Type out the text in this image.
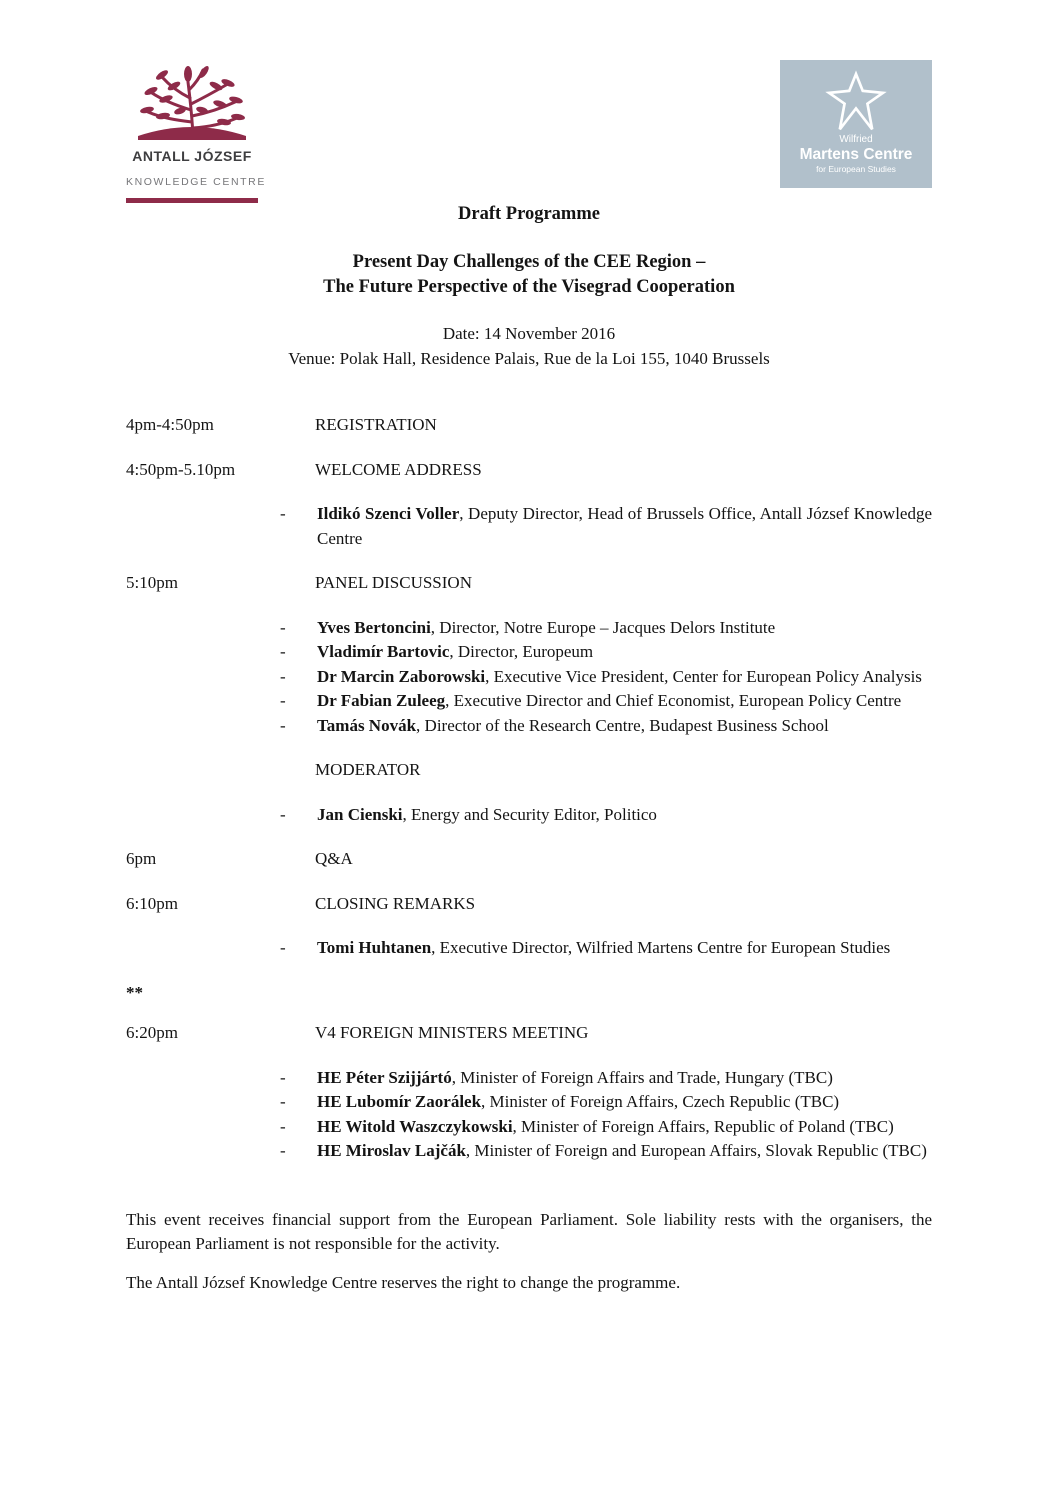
ANTALL JÓZSEF
KNOWLEDGE CENTRE
Wilfried
Martens Centre
for European Studies
Draft Programme
Present Day Challenges of the CEE Region –
The Future Perspective of the Visegrad Cooperation
Date: 14 November 2016
Venue: Polak Hall, Residence Palais, Rue de la Loi 155, 1040 Brussels
4pm-4:50pm	REGISTRATION
4:50pm-5.10pm	WELCOME ADDRESS
-	Ildikó Szenci Voller, Deputy Director, Head of Brussels Office, Antall József Knowledge Centre

5:10pm	PANEL DISCUSSION
-	Yves Bertoncini, Director, Notre Europe – Jacques Delors Institute

-	Vladimír Bartovic, Director, Europeum

-	Dr Marcin Zaborowski, Executive Vice President, Center for European Policy Analysis

-	Dr Fabian Zuleeg, Executive Director and Chief Economist, European Policy Centre

-	Tamás Novák, Director of the Research Centre, Budapest Business School

MODERATOR
-	Jan Cienski, Energy and Security Editor, Politico

6pm	Q&A
6:10pm	CLOSING REMARKS
-	Tomi Huhtanen, Executive Director, Wilfried Martens Centre for European Studies

**
6:20pm	V4 FOREIGN MINISTERS MEETING
-	HE Péter Szijjártó, Minister of Foreign Affairs and Trade, Hungary (TBC)

-	HE Lubomír Zaorálek, Minister of Foreign Affairs, Czech Republic (TBC)

-	HE Witold Waszczykowski, Minister of Foreign Affairs, Republic of Poland (TBC)

-	HE Miroslav Lajčák, Minister of Foreign and European Affairs, Slovak Republic (TBC)

This event receives financial support from the European Parliament. Sole liability rests with the organisers, the European Parliament is not responsible for the activity.

The Antall József Knowledge Centre reserves the right to change the programme.
